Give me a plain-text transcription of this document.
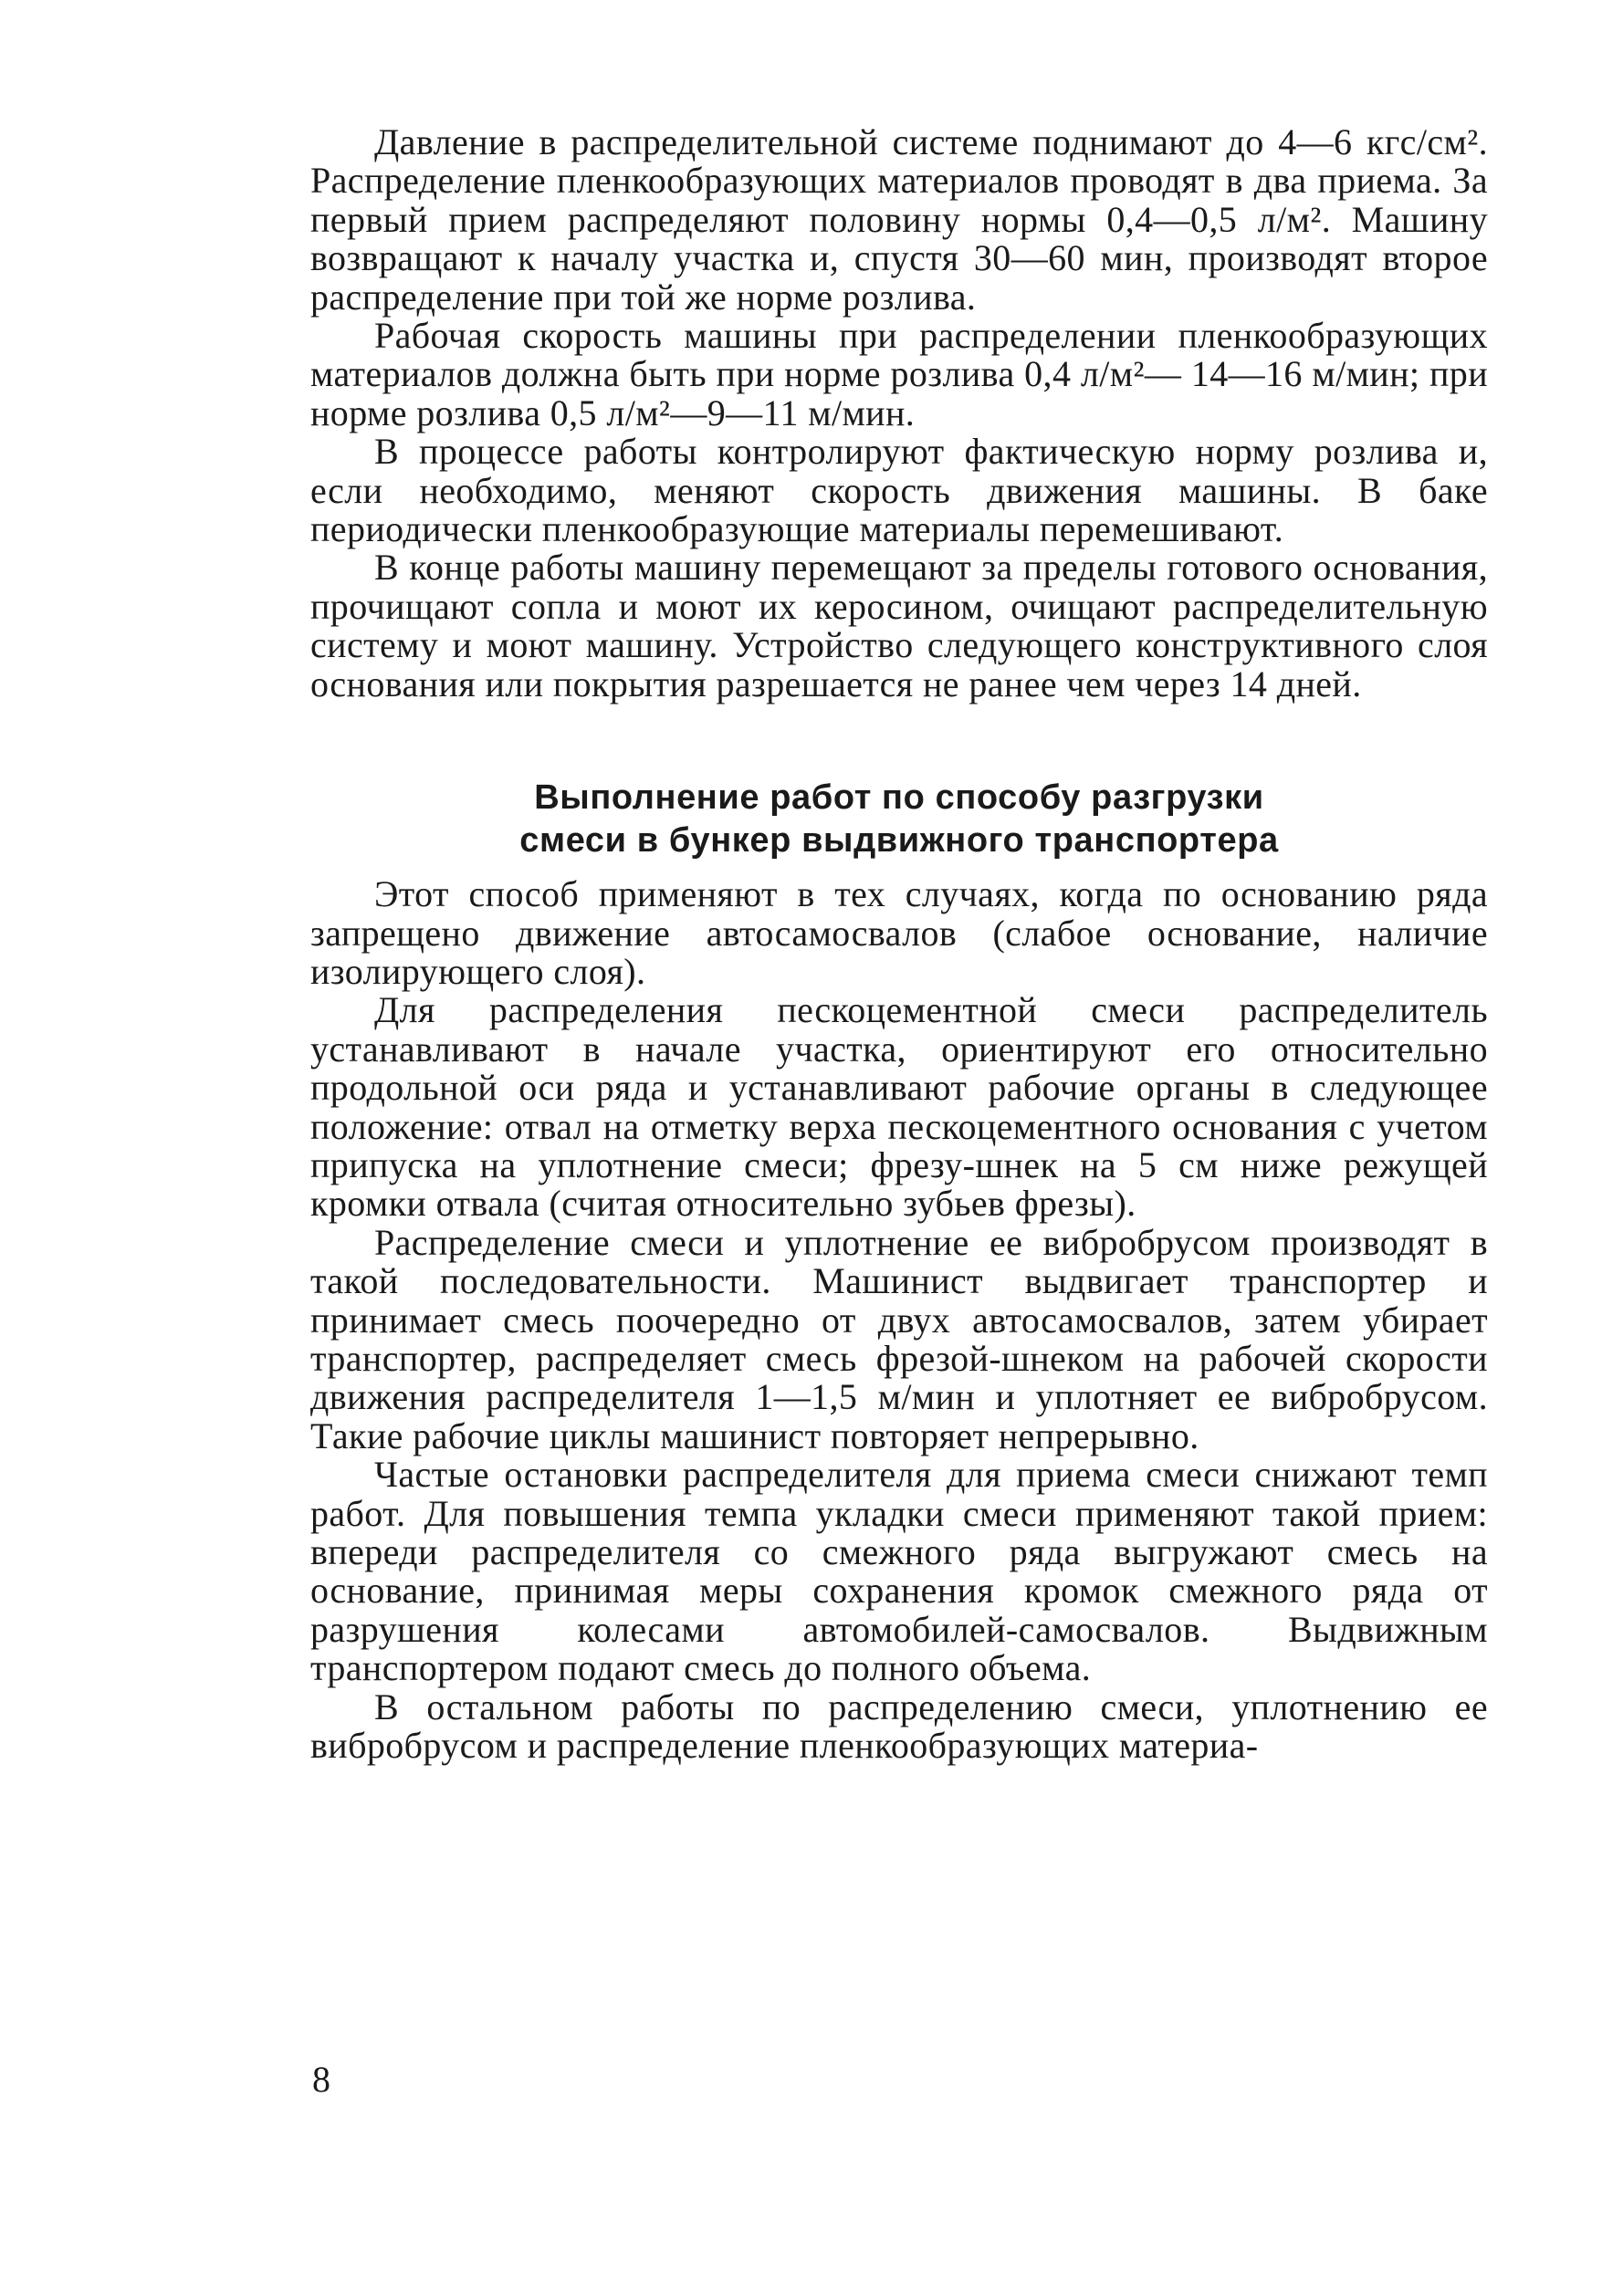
Давление в распределительной системе поднимают до 4—6 кгс/см². Распределение пленкообразующих материалов проводят в два приема. За первый прием распределяют половину нормы 0,4—0,5 л/м². Машину возвращают к началу участка и, спустя 30—60 мин, производят второе распределение при той же норме розлива.

Рабочая скорость машины при распределении пленкообразующих материалов должна быть при норме розлива 0,4 л/м²— 14—16 м/мин; при норме розлива 0,5 л/м²—9—11 м/мин.

В процессе работы контролируют фактическую норму розлива и, если необходимо, меняют скорость движения машины. В баке периодически пленкообразующие материалы перемешивают.

В конце работы машину перемещают за пределы готового основания, прочищают сопла и моют их керосином, очищают распределительную систему и моют машину. Устройство следующего конструктивного слоя основания или покрытия разрешается не ранее чем через 14 дней.

Выполнение работ по способу разгрузки
смеси в бункер выдвижного транспортера

Этот способ применяют в тех случаях, когда по основанию ряда запрещено движение автосамосвалов (слабое основание, наличие изолирующего слоя).

Для распределения пескоцементной смеси распределитель устанавливают в начале участка, ориентируют его относительно продольной оси ряда и устанавливают рабочие органы в следующее положение: отвал на отметку верха пескоцементного основания с учетом припуска на уплотнение смеси; фрезу-шнек на 5 см ниже режущей кромки отвала (считая относительно зубьев фрезы).

Распределение смеси и уплотнение ее вибробрусом производят в такой последовательности. Машинист выдвигает транспортер и принимает смесь поочередно от двух автосамосвалов, затем убирает транспортер, распределяет смесь фрезой-шнеком на рабочей скорости движения распределителя 1—1,5 м/мин и уплотняет ее вибробрусом. Такие рабочие циклы машинист повторяет непрерывно.

Частые остановки распределителя для приема смеси снижают темп работ. Для повышения темпа укладки смеси применяют такой прием: впереди распределителя со смежного ряда выгружают смесь на основание, принимая меры сохранения кромок смежного ряда от разрушения колесами автомобилей-самосвалов. Выдвижным транспортером подают смесь до полного объема.

В остальном работы по распределению смеси, уплотнению ее вибробрусом и распределение пленкообразующих материа-

8
